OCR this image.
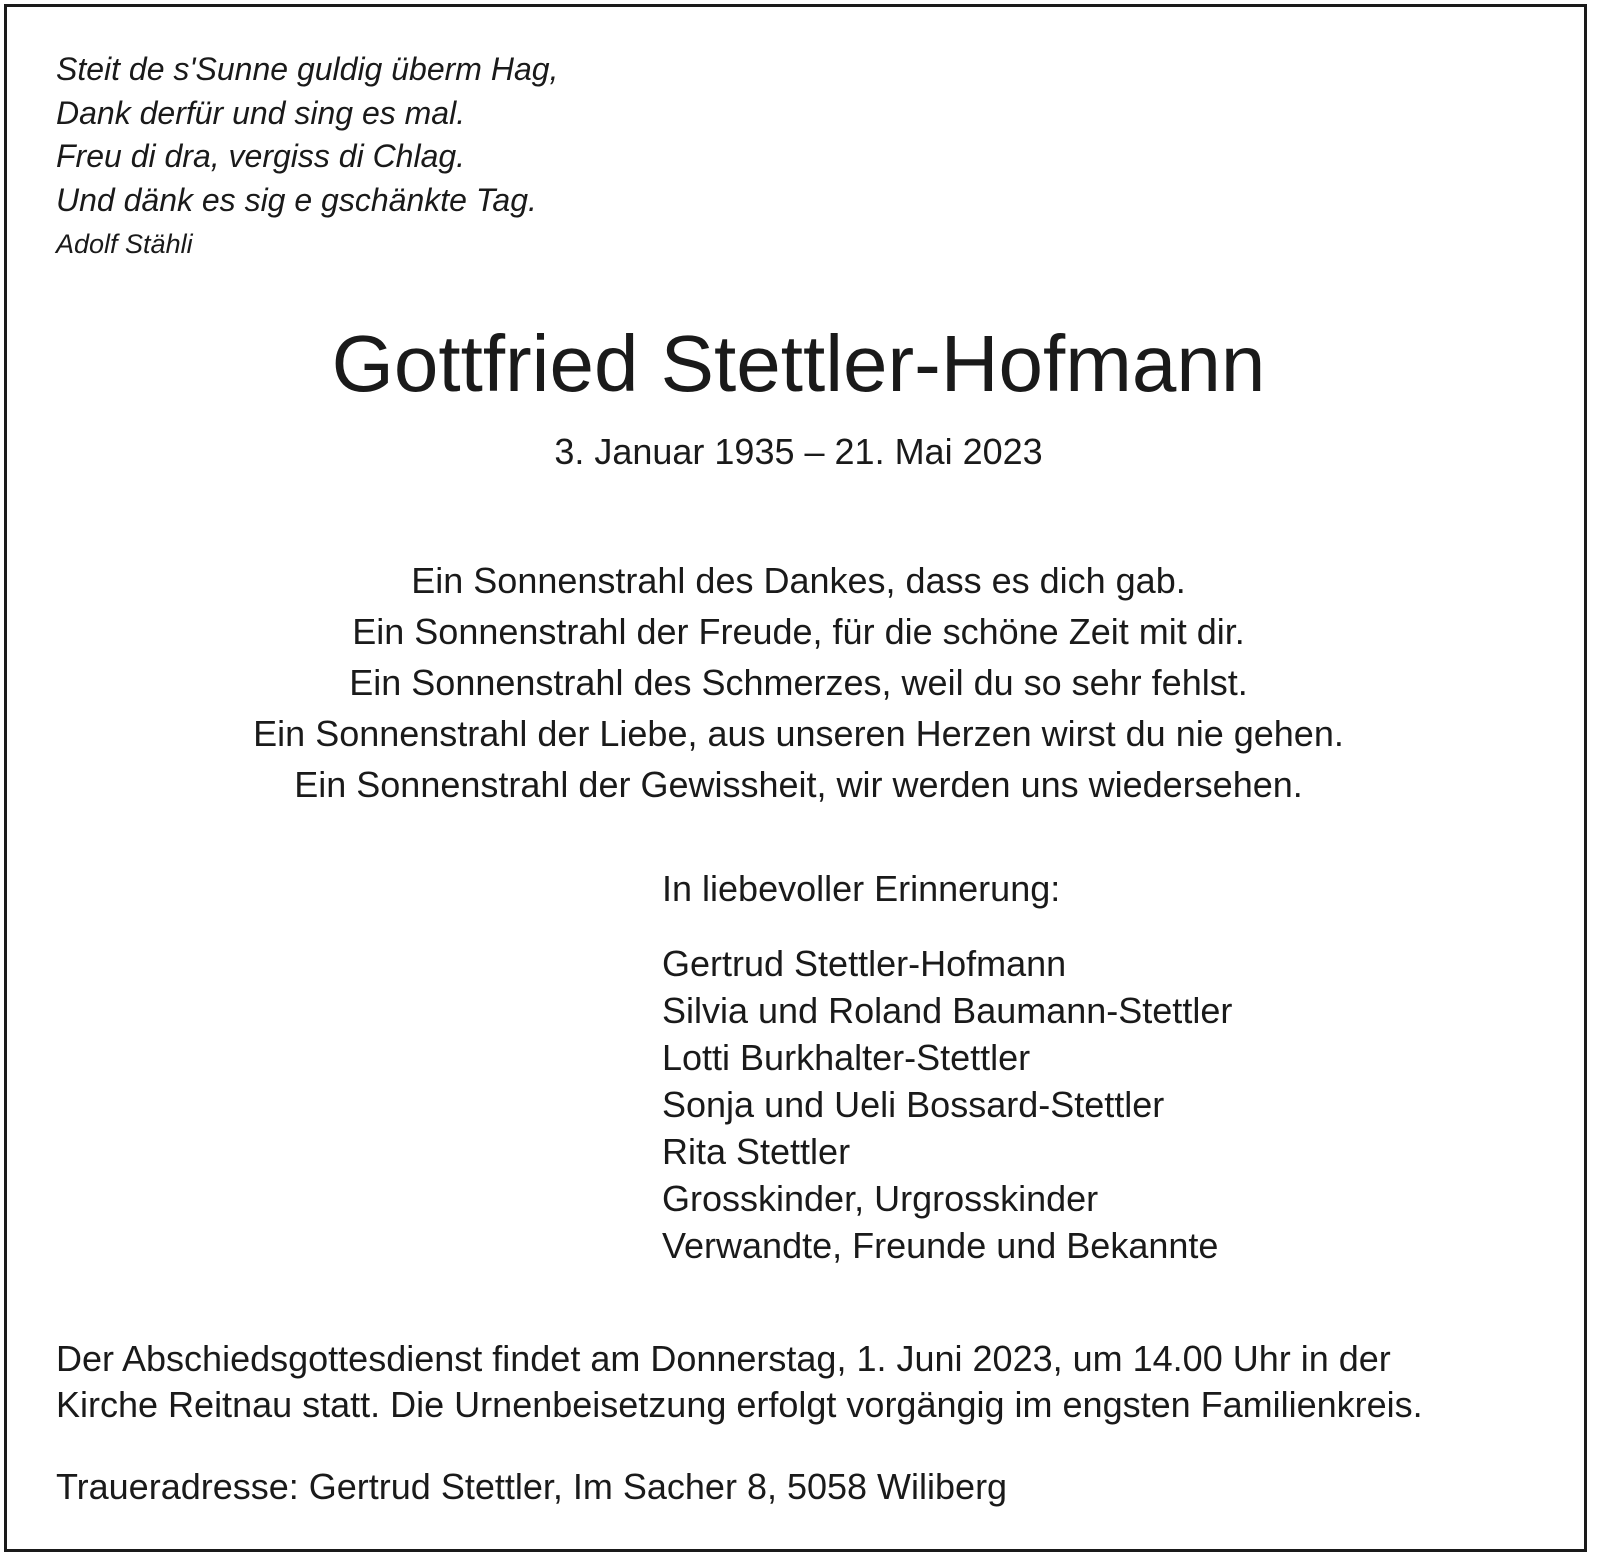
Steit de s'Sunne guldig überm Hag,
Dank derfür und sing es mal.
Freu di dra, vergiss di Chlag.
Und dänk es sig e gschänkte Tag.
Adolf Stähli
Gottfried Stettler-Hofmann
3. Januar 1935 – 21. Mai 2023
Ein Sonnenstrahl des Dankes, dass es dich gab.
Ein Sonnenstrahl der Freude, für die schöne Zeit mit dir.
Ein Sonnenstrahl des Schmerzes, weil du so sehr fehlst.
Ein Sonnenstrahl der Liebe, aus unseren Herzen wirst du nie gehen.
Ein Sonnenstrahl der Gewissheit, wir werden uns wiedersehen.
In liebevoller Erinnerung:
Gertrud Stettler-Hofmann
Silvia und Roland Baumann-Stettler
Lotti Burkhalter-Stettler
Sonja und Ueli Bossard-Stettler
Rita Stettler
Grosskinder, Urgrosskinder
Verwandte, Freunde und Bekannte
Der Abschiedsgottesdienst findet am Donnerstag, 1. Juni 2023, um 14.00 Uhr in der
Kirche Reitnau statt. Die Urnenbeisetzung erfolgt vorgängig im engsten Familienkreis.
Traueradresse: Gertrud Stettler, Im Sacher 8, 5058 Wiliberg
